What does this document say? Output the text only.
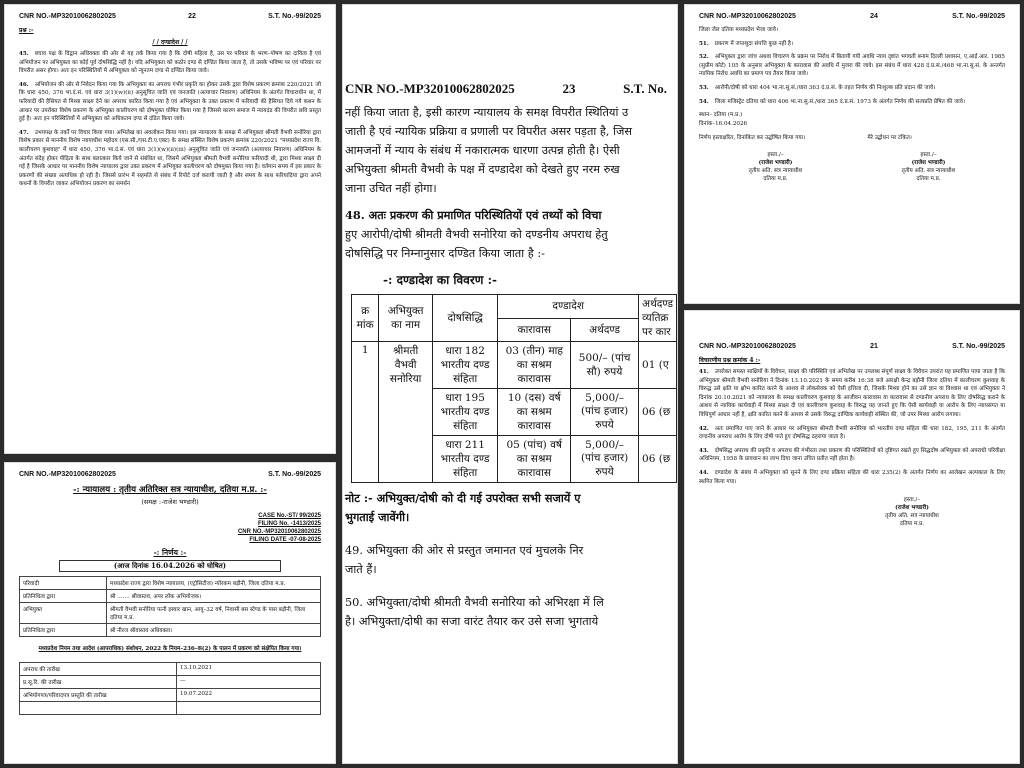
CNR NO.-MP32010062802025	22	S.T. No.-99/2025
प्रश्न :-
/ / दण्डादेश / /

45. बचाव पक्ष के विद्वान अधिवक्ता की ओर से यह तर्क किया गया है कि दोषी महिला है, उस पर परिवार के भरण–पोषण का दायित्व है एवं अभियोजन पर अभियुक्ता का कोई पूर्व दोषसिद्धि नहीं है। यदि अभियुक्ता को कठोर दण्ड से दण्डित किया जाता है, तो उसके भविष्य पर एवं परिवार पर विपरीत असर होगा। अतः इन परिस्थितियों में अभियुक्ता को न्यूनतम दण्ड से दण्डित किया जावे।

46. अभियोजन की ओर से निवेदन किया गया कि अभियुक्ता का अपराध गंभीर प्रकृति का होकर उसके द्वारा विशेष प्रकरण क्रमांक 220/2021 जो कि धारा 450, 376 भा.दं.सं. एवं धारा 3(1)(w)(ii) अनुसूचित जाति एवं जनजाति (अत्याचार निवारण) अधिनियम के अंतर्गत विचाराधीन था, में फरियादी की हैसियत से मिथ्या साक्ष्य देने का अपराध कारित किया गया है एवं अभियुक्ता के उक्त प्रकरण में फरियादी की हैसियत दिये गये कथन के आधार पर उपरोक्त विशेष प्रकरण के अभियुक्त कालीचरण को दोषमुक्त घोषित किया गया है जिससे कारण समाज में न्यायदंड की विपरीत छवि प्रस्तुत हुई है। अतः इन परिस्थितियों में अभियुक्ता को अधिकतम दण्ड से दंडित किया जावे।

47. उभयपक्ष के तर्कों पर विचार किया गया। अभिलेख का अवलोकन किया गया। इस न्यायालय के समक्ष में अभियुक्ता श्रीमती वैभवी सनोरिया द्वारा विशेष प्रकार से माननीय विशेष न्यायाधीश महोदय (एस.सी./एस.टी.ए.एक्ट) के समक्ष संस्थित विशेष प्रकरण क्रमांक 220/2021 "मध्यप्रदेश राज्य वि. कालीचरण कुशवाह" में धारा 450, 376 भा.दं.सं. एवं धारा 3(1)(w)(ii)(iii) अनुसूचित जाति एवं जनजाति (अत्याचार निवारण) अधिनियम के अंतर्गत संदेह होकर पीड़िता के साथ बलात्कार किये जाने से संबंधित था, जिसमें अभियुक्ता श्रीमती वैभवी सनोरिया फरियादी थी, द्वारा मिथ्या साक्ष्य दी गई है जिसके आधार पर माननीय विशेष न्यायालय द्वारा उक्त प्रकरण में अभियुक्त कालीचरण को दोषमुक्त किया गया है। वर्तमान समय में इस प्रकार के प्रकरणों की संख्या अत्यधिक हो रही है। जिससे प्रारंभ में सहमति से संबंध में रिपोर्ट दर्ज करायी जाती है और समय के साथ फरियादिया द्वारा अपने कथनों के विपरीत जाकर अभियोजन प्रकरण का समर्थन

CNR NO.-MP32010062802025	23	S.T. No.
नहीं किया जाता है, इसी कारण न्यायालय के समक्ष विपरीत स्थितियां उ
जाती है एवं न्यायिक प्रक्रिया व प्रणाली पर विपरीत असर पड़ता है, जिस
आमजनों में न्याय के संबंध में नकारात्मक धारणा उत्पन्न होती है। ऐसी
अभियुक्ता श्रीमती वैभवी के पक्ष में दण्डादेश को देखते हुए नरम रुख
जाना उचित नहीं होगा।
48. अतः प्रकरण की प्रमाणित परिस्थितियों एवं तथ्यों को विचा
हुए आरोपी/दोषी श्रीमती वैभवी सनोरिया को दण्डनीय अपराध हेतु
दोषसिद्धि पर निम्नानुसार दण्डित किया जाता है :-
-: दण्डादेश का विवरण :-
क्र मांक	अभियुक्त का नाम	दोषसिद्धि	दण्डादेश		अर्थदण्ड व्यतिक्र पर कार
			कारावास	अर्थदण्ड	
1	श्रीमती वैभवी सनोरिया	धारा 182 भारतीय दण्ड संहिता	03 (तीन) माह का सश्रम कारावास	500/– (पांच सौ) रुपये	01 (ए
		धारा 195 भारतीय दण्ड संहिता	10 (दस) वर्ष का सश्रम कारावास	5,000/– (पांच हजार) रुपये	06 (छ
		धारा 211 भारतीय दण्ड संहिता	05 (पांच) वर्ष का सश्रम कारावास	5,000/– (पांच हजार) रुपये	06 (छ
नोट :- अभियुक्त/दोषी को दी गई उपरोक्त सभी सजायें ए
भुगताई जावेंगी।
49. अभियुक्ता की ओर से प्रस्तुत जमानत एवं मुचलके निर
जाते हैं।
50. अभियुक्ता/दोषी श्रीमती वैभवी सनोरिया को अभिरक्षा में लि
है। अभियुक्ता/दोषी का सजा वारंट तैयार कर उसे सजा भुगताये
CNR NO.-MP32010062802025	24	S.T. No.-99/2025

जिला जेल दतिया मध्यप्रदेश भेजा जावे।

51. प्रकरण में जप्तशुदा संपत्ति कुछ नहीं है।

52. अभियुक्ता द्वारा जांच अथवा विचारण के प्रक्रम पर निरोध में बितायी गयी अवधि न्याय दृष्टांत भगवती बनाम दिल्ली प्रशासन, ए.आई.आर. 1985 (सुप्रीम कोर्ट) 105 के अनुसार अभियुक्ता के कारावास की अवधि में मुजरा की जावे। इस संबंध में धारा 428 दं.प्र.सं./468 भा.ना.सु.सं. के अन्तर्गत न्यायिक निरोध अवधि का प्रमाण पत्र तैयार किया जावे।

53. आरोपी/दोषी को धारा 404 भा.ना.सु.सं./धारा 363 दं.प्र.सं. के तहत निर्णय की निःशुल्क प्रति प्रदान की जावे।

54. जिला मजिस्ट्रेट दतिया को धारा 406 भा.ना.सु.सं./धारा 365 दं.प्र.सं. 1973 के अंतर्गत निर्णय की सत्यप्रति प्रेषित की जावे।

स्थान– दतिया (म.प्र.)
दिनांक–16.04.2026
निर्णय हस्ताक्षरित, दिनांकित कर उद्घोषित किया गया।	मेरे उद्बोधन पर टंकित।
हस्ता./–
(राजेश भण्डारी)
तृतीय अति. सत्र न्यायाधीश
दतिया म.प्र.
हस्ता./–
(राजेश भण्डारी)
तृतीय अति. सत्र न्यायाधीश
दतिया म.प्र.
CNR NO.-MP32010062802025	21	S.T. No.-99/2025
विचारणीय प्रश्न क्रमांक 4 :-

41. उपरोक्त समस्त साक्षियों के विवेचन, साक्ष्य की परिस्थिति एवं अभिलेख पर उपलब्ध संपूर्ण साक्ष्य के विवेचन उपरांत यह प्रमाणित पाया जाता है कि अभियुक्ता श्रीमती वैभवी सनोरिया ने दिनांक 13.10.2021 के समय करीब 16:38 बजे आरक्षी केन्द्र बड़ौनी जिला दतिया में कालीचरण कुशवाह के विरुद्ध उसे क्षति या क्षोभ कारित करने के आशय से लोकसेवक को ऐसी इत्तिला दी, जिसके मिथ्या होने का उसे ज्ञान या विश्वास था एवं अभियुक्ता ने दिनांक 20.10.2021 को न्यायालय के समक्ष कालीचरण कुशवाह के आजीवन कारावास या कारावास से दण्डनीय अपराध के लिए दोषसिद्ध कराने के आशय से न्यायिक कार्यवाही में मिथ्या साक्ष्य दी एवं कालीचरण कुशवाह के विरुद्ध यह जानते हुए कि ऐसी कार्यवाही या आरोप के लिए न्यायसंगत या विधिपूर्ण आधार नहीं है, क्षति कारित करने के आशय से उसके विरुद्ध दाण्डिक कार्यवाही संस्थित की, जो उपर मिथ्या आरोप लगाया।

42. अतः प्रमाणित पाए जाने के आधार पर अभियुक्ता श्रीमती वैभवी सनोरिया को भारतीय दण्ड संहिता की धारा 182, 195, 211 के अंतर्गत दण्डनीय अपराध आरोप के लिए दोषी पाते हुए दोषसिद्ध ठहराया जाता है।

43. दोषसिद्ध अपराध की प्रकृति व अपराध की गंभीरता तथा प्रकरण की परिस्थितियों को दृष्टिगत रखते हुए सिद्धदोष अभियुक्ता को अपराधी परिवीक्षा अधिनियम, 1958 के प्रावधान का लाभ दिया जाना उचित प्रतीत नहीं होता है।

44. दण्डादेश के संबंध में अभियुक्ता को सुनने के लिए दण्ड प्रक्रिया संहिता की धारा 235(2) के अंतर्गत निर्णय का आलेखन अल्पकाल के लिए स्थगित किया गया।

हस्ता./–
(राजेश भण्डारी)
तृतीय अति. सत्र न्यायाधीश
दतिया म.प्र.
CNR NO.-MP32010062802025	S.T. No.-99/2025
-: न्यायालय : तृतीय अतिरिक्त सत्र न्यायाधीश, दतिया म.प्र. :-
(समक्ष :-राजेश भण्डारी)
CASE No.-ST/ 99/2025
FILING No. -1413/2025
CNR NO.-MP32010062802025
FILING DATE -07-08-2025
-: निर्णय :-
(आज दिनांक 16.04.2026 को घोषित)
परिवादी	मध्यप्रदेश राज्य द्वारा विशेष न्यायालय, (एट्रोसिटीज) न्योरकम बड़ौनी, जिला दतिया म.प्र.
प्रतिनिधित्व द्वारा	श्री ....... श्रीवास्तव, अपर लोक अभियोजक।
अभियुक्त	श्रीमती वैभवी सनोरिया पत्नी इस्वार खान, आयु–32 वर्ष, निवासी बस स्टेण्ड के पास बड़ौनी, जिला दतिया म.प्र.
प्रतिनिधित्व द्वारा	श्री नीरज श्रीवास्तव अधिवक्ता।
मध्यप्रदेश नियम तथा आदेश (आपराधिक) संशोधन, 2022 के नियम–236–क(2) के पालन में प्रकरण को संक्षेपित किया गया।
अपराध की तारीख	13.10.2021
प्र.सू.रि. की तारीख	—
अभियोगपत्र/परिवादपत्र प्रस्तुति की तारीख	19.07.2022
